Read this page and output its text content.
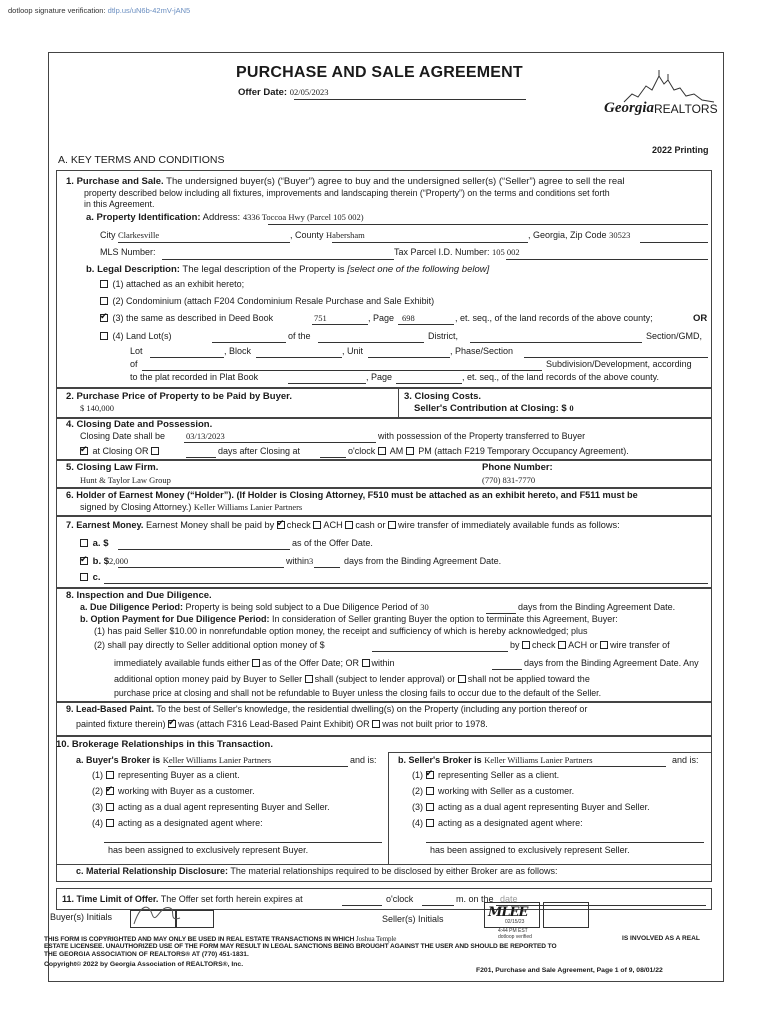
dotloop signature verification: dtlp.us/uN6b-42mV-jAN5
PURCHASE AND SALE AGREEMENT
Offer Date: 02/05/2023
Georgia REALTORS
2022 Printing
A. KEY TERMS AND CONDITIONS
1. Purchase and Sale. The undersigned buyer(s) (“Buyer”) agree to buy and the undersigned seller(s) (“Seller”) agree to sell the real
property described below including all fixtures, improvements and landscaping therein (“Property”) on the terms and conditions set forth
in this Agreement.
a. Property Identification: Address: 4336 Toccoa Hwy (Parcel 105 002)
City Clarkesville	, County Habersham	, Georgia, Zip Code 30523
MLS Number:	Tax Parcel I.D. Number: 105 002
b. Legal Description: The legal description of the Property is [select one of the following below]
(1) attached as an exhibit hereto;
(2) Condominium (attach F204 Condominium Resale Purchase and Sale Exhibit)
✔ (3) the same as described in Deed Book	751	, Page 698	, et. seq., of the land records of the above county;	OR
(4) Land Lot(s)	of the	District,	Section/GMD,
Lot	, Block	, Unit	, Phase/Section
of	Subdivision/Development, according
to the plat recorded in Plat Book	, Page	, et. seq., of the land records of the above county.
2. Purchase Price of Property to be Paid by Buyer.
$ 140,000
3. Closing Costs.
Seller's Contribution at Closing: $ 0
4. Closing Date and Possession.
Closing Date shall be 03/13/2023	with possession of the Property transferred to Buyer
✔ at Closing OR	days after Closing at	o'clock AM PM (attach F219 Temporary Occupancy Agreement).
5. Closing Law Firm.
Hunt & Taylor Law Group
Phone Number:
(770) 831-7770
6. Holder of Earnest Money (“Holder”). (If Holder is Closing Attorney, F510 must be attached as an exhibit hereto, and F511 must be
signed by Closing Attorney.) Keller Williams Lanier Partners
7. Earnest Money. Earnest Money shall be paid by ✔ check ACH cash or wire transfer of immediately available funds as follows:
a. $	as of the Offer Date.
✔ b. $2,000	within3	days from the Binding Agreement Date.
c.
8. Inspection and Due Diligence.
a. Due Diligence Period: Property is being sold subject to a Due Diligence Period of 30	days from the Binding Agreement Date.
b. Option Payment for Due Diligence Period: In consideration of Seller granting Buyer the option to terminate this Agreement, Buyer:
(1) has paid Seller $10.00 in nonrefundable option money, the receipt and sufficiency of which is hereby acknowledged; plus
(2) shall pay directly to Seller additional option money of $	by check ACH or wire transfer of
immediately available funds either as of the Offer Date; OR within	days from the Binding Agreement Date. Any
additional option money paid by Buyer to Seller shall (subject to lender approval) or shall not be applied toward the
purchase price at closing and shall not be refundable to Buyer unless the closing fails to occur due to the default of the Seller.
9. Lead-Based Paint. To the best of Seller's knowledge, the residential dwelling(s) on the Property (including any portion thereof or
painted fixture therein) ✔ was (attach F316 Lead-Based Paint Exhibit) OR was not built prior to 1978.
10. Brokerage Relationships in this Transaction.
a. Buyer's Broker is Keller Williams Lanier Partners	and is:
(1) representing Buyer as a client.
(2) ✔ working with Buyer as a customer.
(3) acting as a dual agent representing Buyer and Seller.
(4) acting as a designated agent where:
has been assigned to exclusively represent Buyer.
b. Seller's Broker is Keller Williams Lanier Partners	and is:
(1) ✔ representing Seller as a client.
(2) working with Seller as a customer.
(3) acting as a dual agent representing Buyer and Seller.
(4) acting as a designated agent where:
has been assigned to exclusively represent Seller.
c. Material Relationship Disclosure: The material relationships required to be disclosed by either Broker are as follows:
11. Time Limit of Offer. The Offer set forth herein expires at	o'clock	m. on the date
Buyer(s) Initials	Seller(s) Initials	MLEE
02/15/23
4:44 PM EST
dotloop verified
THIS FORM IS COPYRIGHTED AND MAY ONLY BE USED IN REAL ESTATE TRANSACTIONS IN WHICH Joshua Temple	IS INVOLVED AS A REAL
ESTATE LICENSEE. UNAUTHORIZED USE OF THE FORM MAY RESULT IN LEGAL SANCTIONS BEING BROUGHT AGAINST THE USER AND SHOULD BE REPORTED TO
THE GEORGIA ASSOCIATION OF REALTORS® AT (770) 451-1831.
Copyright© 2022 by Georgia Association of REALTORS®, Inc.
F201, Purchase and Sale Agreement, Page 1 of 9, 08/01/22
